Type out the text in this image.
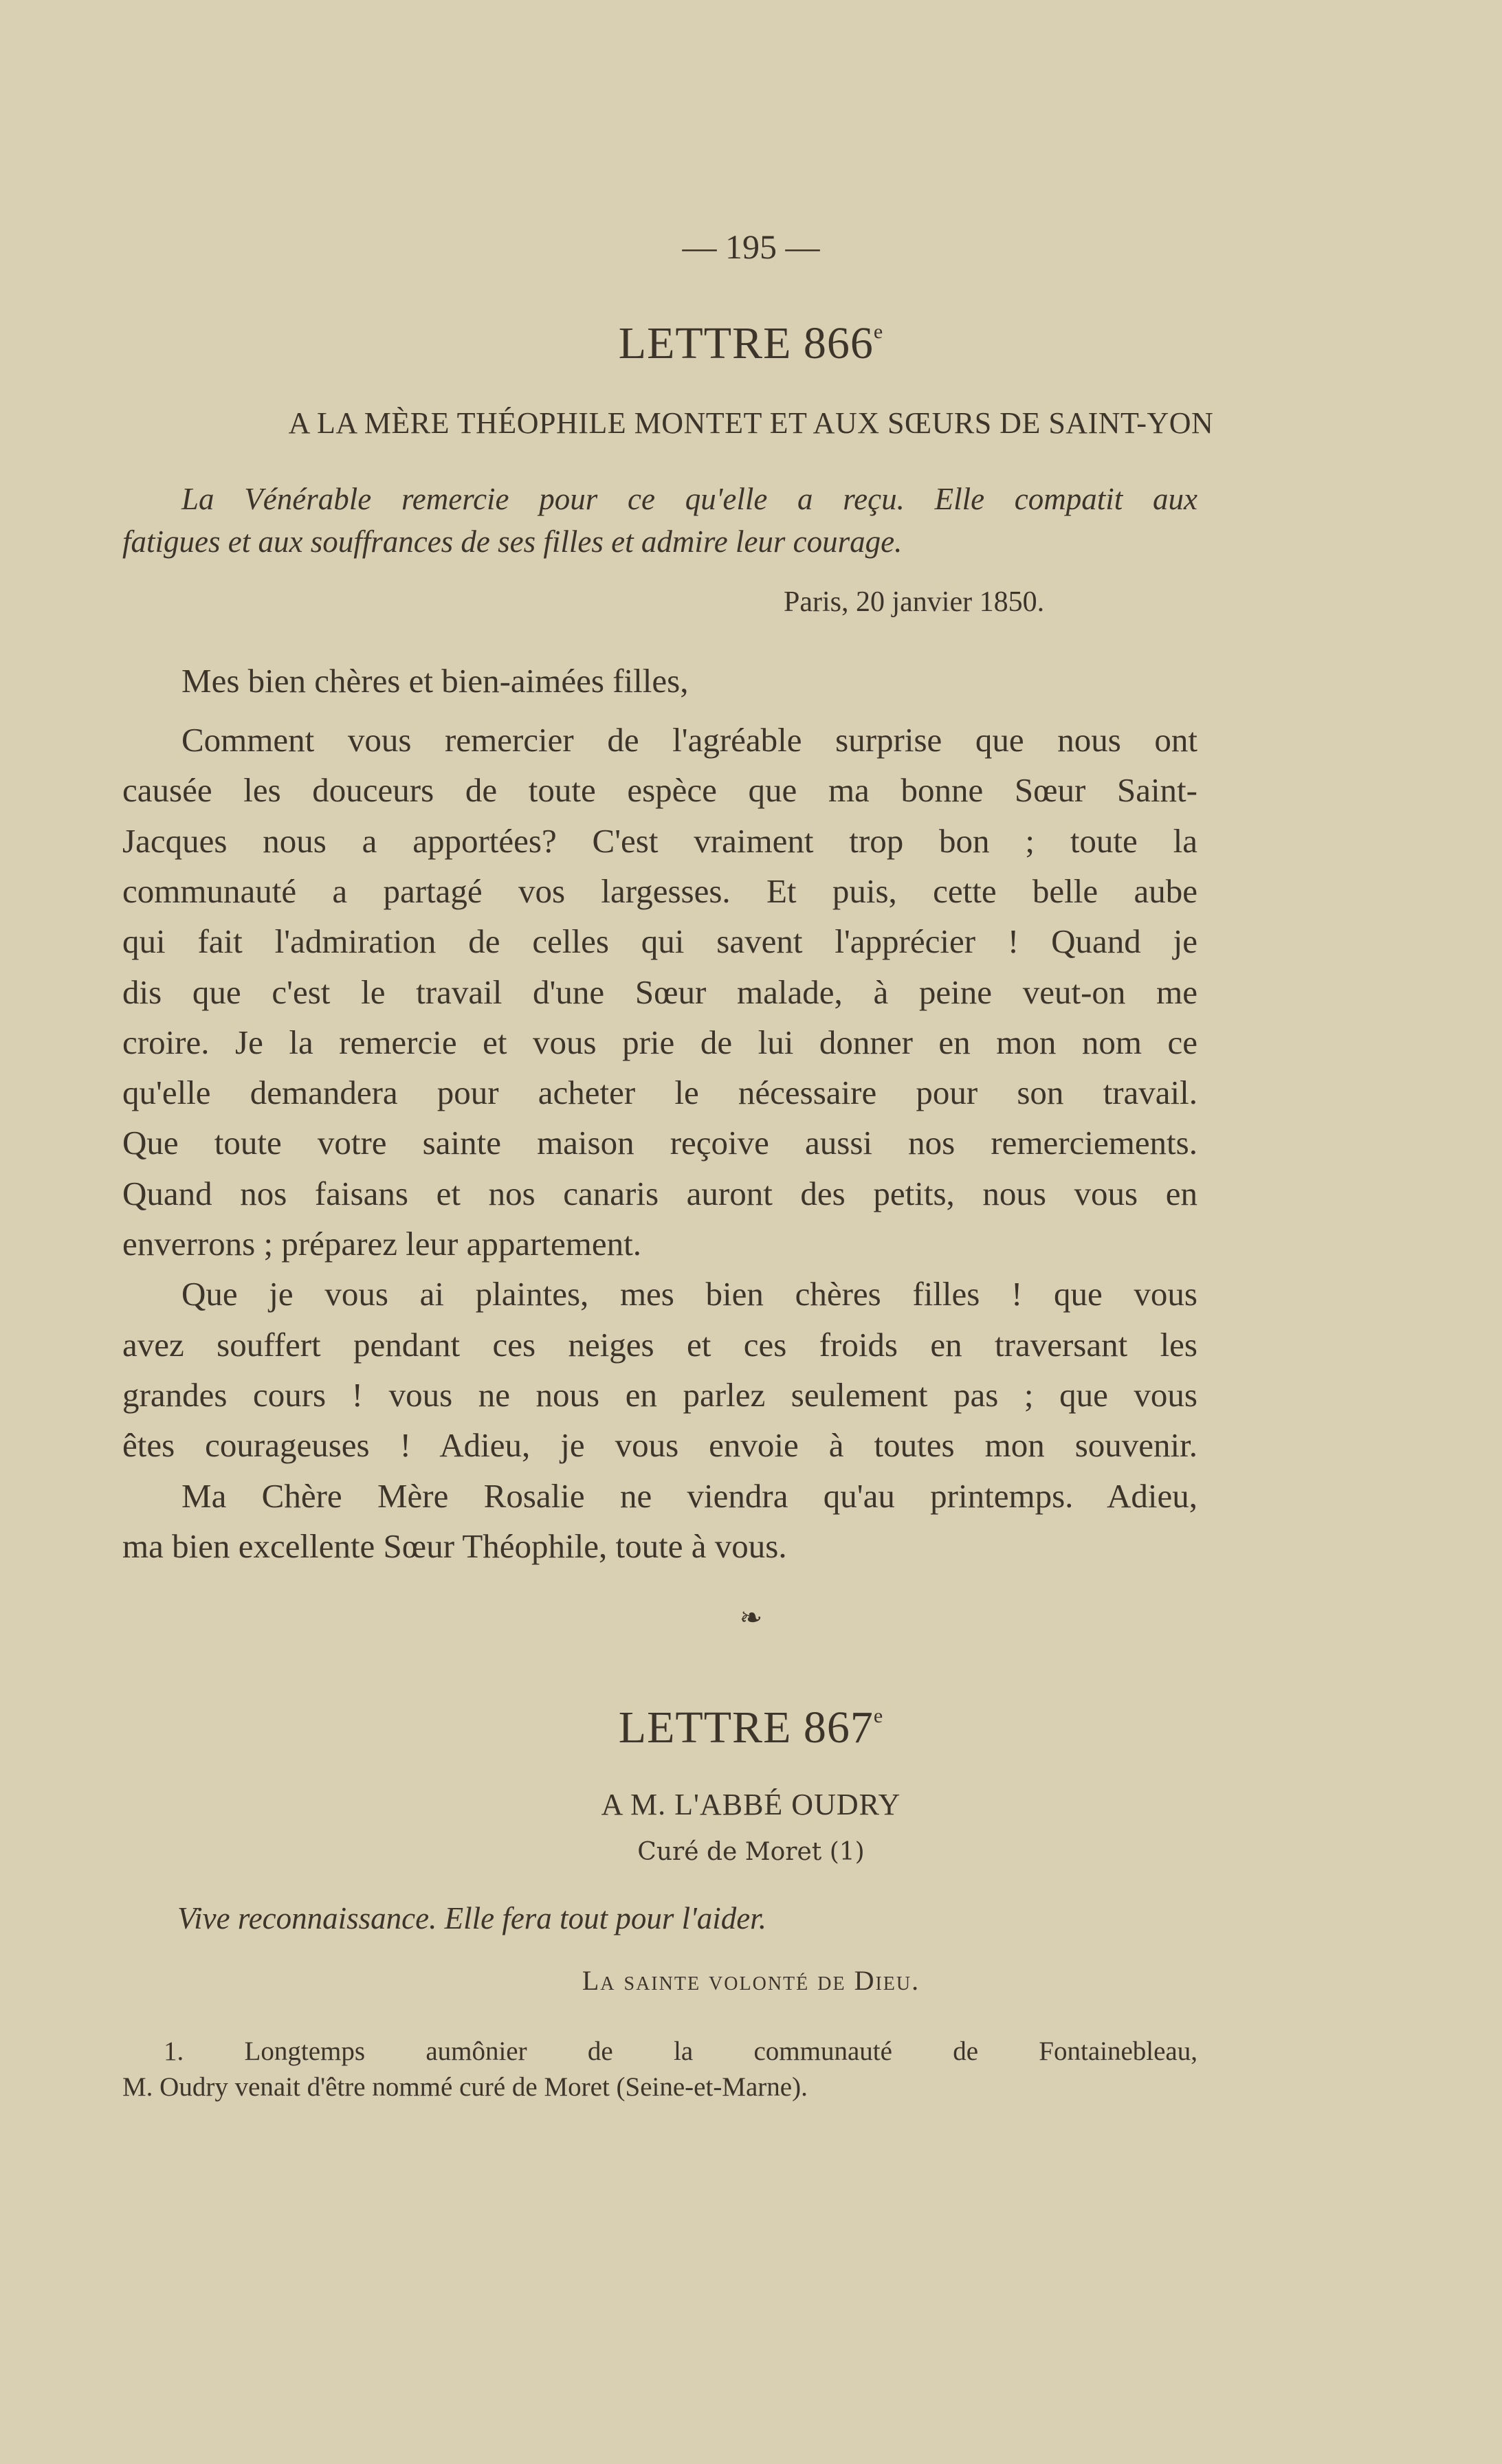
— 195 —
LETTRE 866e
A LA MÈRE THÉOPHILE MONTET ET AUX SŒURS DE SAINT-YON
La Vénérable remercie pour ce qu'elle a reçu. Elle compatit aux
fatigues et aux souffrances de ses filles et admire leur courage.
Paris, 20 janvier 1850.
Mes bien chères et bien-aimées filles,
Comment vous remercier de l'agréable surprise que nous ont
causée les douceurs de toute espèce que ma bonne Sœur Saint-
Jacques nous a apportées? C'est vraiment trop bon ; toute la
communauté a partagé vos largesses. Et puis, cette belle aube
qui fait l'admiration de celles qui savent l'apprécier ! Quand je
dis que c'est le travail d'une Sœur malade, à peine veut-on me
croire. Je la remercie et vous prie de lui donner en mon nom ce
qu'elle demandera pour acheter le nécessaire pour son travail.
Que toute votre sainte maison reçoive aussi nos remerciements.
Quand nos faisans et nos canaris auront des petits, nous vous en
enverrons ; préparez leur appartement.
Que je vous ai plaintes, mes bien chères filles ! que vous
avez souffert pendant ces neiges et ces froids en traversant les
grandes cours ! vous ne nous en parlez seulement pas ; que vous
êtes courageuses ! Adieu, je vous envoie à toutes mon souvenir.
Ma Chère Mère Rosalie ne viendra qu'au printemps. Adieu,
ma bien excellente Sœur Théophile, toute à vous.
❧
LETTRE 867e
A M. L'ABBÉ OUDRY
Curé de Moret (1)
Vive reconnaissance. Elle fera tout pour l'aider.
La sainte volonté de Dieu.
1. Longtemps aumônier de la communauté de Fontainebleau,
M. Oudry venait d'être nommé curé de Moret (Seine-et-Marne).
